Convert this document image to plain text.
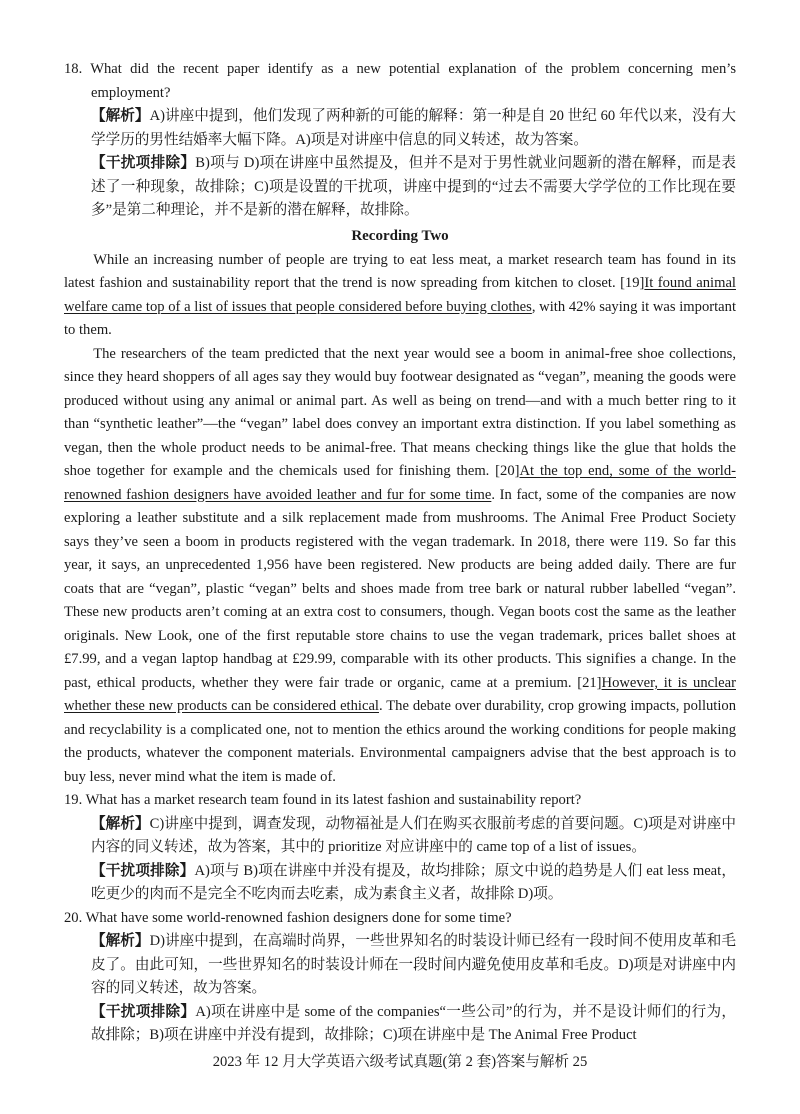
18. What did the recent paper identify as a new potential explanation of the problem concerning men’s employment?

【解析】A)讲座中提到，他们发现了两种新的可能的解释：第一种是自 20 世纪 60 年代以来，没有大学学历的男性结婚率大幅下降。A)项是对讲座中信息的同义转述，故为答案。

【干扰项排除】B)项与 D)项在讲座中虽然提及，但并不是对于男性就业问题新的潜在解释，而是表述了一种现象，故排除；C)项是设置的干扰项，讲座中提到的“过去不需要大学学位的工作比现在要多”是第二种理论，并不是新的潜在解释，故排除。

Recording Two

While an increasing number of people are trying to eat less meat, a market research team has found in its latest fashion and sustainability report that the trend is now spreading from kitchen to closet. [19]It found animal welfare came top of a list of issues that people considered before buying clothes, with 42% saying it was important to them.

The researchers of the team predicted that the next year would see a boom in animal-free shoe collections, since they heard shoppers of all ages say they would buy footwear designated as “vegan”, meaning the goods were produced without using any animal or animal part. As well as being on trend—and with a much better ring to it than “synthetic leather”—the “vegan” label does convey an important extra distinction. If you label something as vegan, then the whole product needs to be animal-free. That means checking things like the glue that holds the shoe together for example and the chemicals used for finishing them. [20]At the top end, some of the world-renowned fashion designers have avoided leather and fur for some time. In fact, some of the companies are now exploring a leather substitute and a silk replacement made from mushrooms. The Animal Free Product Society says they’ve seen a boom in products registered with the vegan trademark. In 2018, there were 119. So far this year, it says, an unprecedented 1,956 have been registered. New products are being added daily. There are fur coats that are “vegan”, plastic “vegan” belts and shoes made from tree bark or natural rubber labelled “vegan”. These new products aren’t coming at an extra cost to consumers, though. Vegan boots cost the same as the leather originals. New Look, one of the first reputable store chains to use the vegan trademark, prices ballet shoes at £7.99, and a vegan laptop handbag at £29.99, comparable with its other products. This signifies a change. In the past, ethical products, whether they were fair trade or organic, came at a premium. [21]However, it is unclear whether these new products can be considered ethical. The debate over durability, crop growing impacts, pollution and recyclability is a complicated one, not to mention the ethics around the working conditions for people making the products, whatever the component materials. Environmental campaigners advise that the best approach is to buy less, never mind what the item is made of.

19. What has a market research team found in its latest fashion and sustainability report?

【解析】C)讲座中提到，调查发现，动物福祉是人们在购买衣服前考虑的首要问题。C)项是对讲座中内容的同义转述，故为答案，其中的 prioritize 对应讲座中的 came top of a list of issues。

【干扰项排除】A)项与 B)项在讲座中并没有提及，故均排除；原文中说的趋势是人们 eat less meat，吃更少的肉而不是完全不吃肉而去吃素，成为素食主义者，故排除 D)项。

20. What have some world-renowned fashion designers done for some time?

【解析】D)讲座中提到，在高端时尚界，一些世界知名的时装设计师已经有一段时间不使用皮革和毛皮了。由此可知，一些世界知名的时装设计师在一段时间内避免使用皮革和毛皮。D)项是对讲座中内容的同义转述，故为答案。

【干扰项排除】A)项在讲座中是 some of the companies“一些公司”的行为，并不是设计师们的行为，故排除；B)项在讲座中并没有提到，故排除；C)项在讲座中是 The Animal Free Product

2023 年 12 月大学英语六级考试真题(第 2 套)答案与解析 25
